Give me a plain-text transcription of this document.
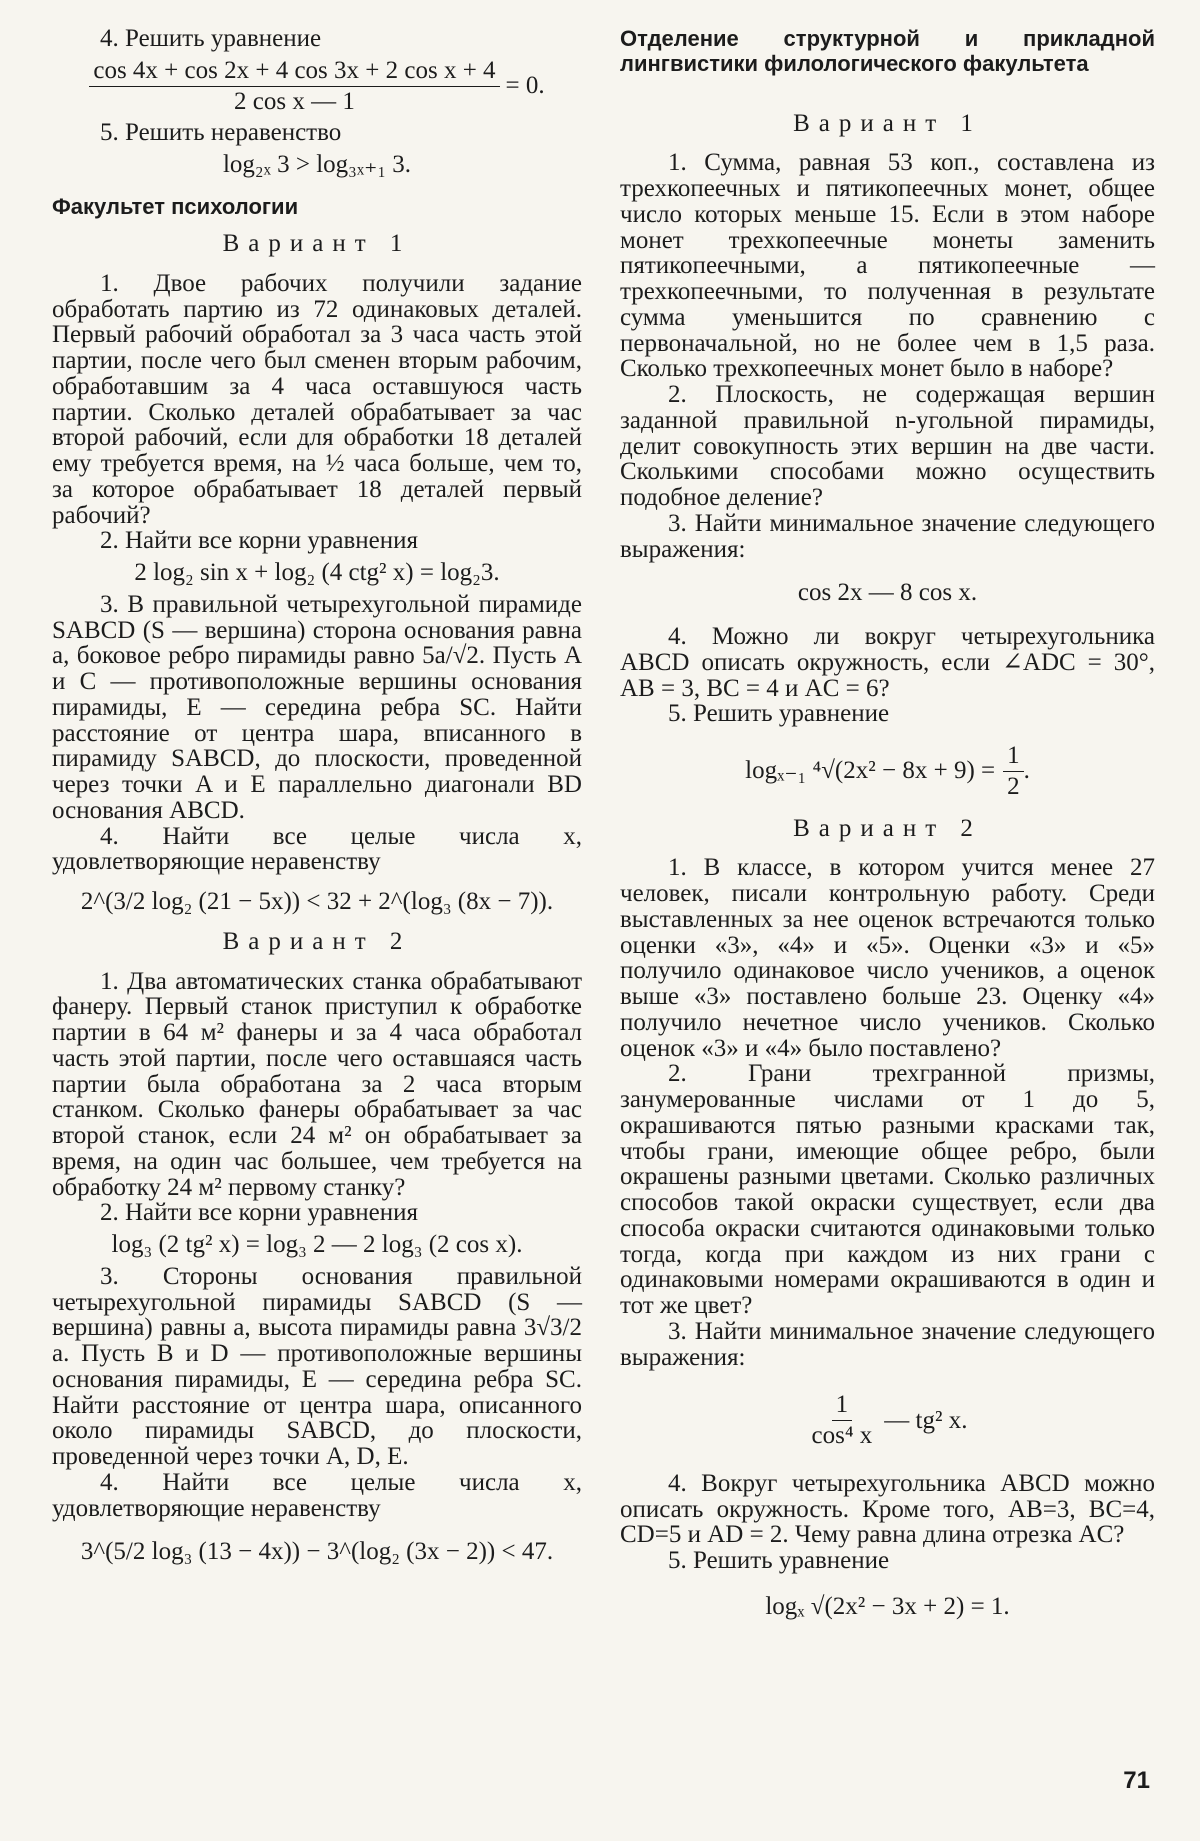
4. Решить уравнение

$\frac{\text{cos 4x + cos 2x + 4 cos 3x + 2 cos x + 4}}{\text{2 cos x — 1}} = 0$.

5. Решить неравенство

log₂ₓ 3 > log₃ₓ₊₁ 3.

Факультет психологии

Вариант 1

1. Двое рабочих получили задание обработать партию из 72 одинаковых деталей. Первый рабочий обработал за 3 часа часть этой партии, после чего был сменен вторым рабочим, обработавшим за 4 часа оставшуюся часть партии. Сколько деталей обрабатывает за час второй рабочий, если для обработки 18 деталей ему требуется время, на ½ часа больше, чем то, за которое обрабатывает 18 деталей первый рабочий?

2. Найти все корни уравнения

2 log₂ sin x + log₂ (4 ctg² x) = log₂3.

3. В правильной четырехугольной пирамиде SABCD (S — вершина) сторона основания равна a, боковое ребро пирамиды равно 5a/√2. Пусть A и C — противоположные вершины основания пирамиды, E — середина ребра SC. Найти расстояние от центра шара, вписанного в пирамиду SABCD, до плоскости, проведенной через точки A и E параллельно диагонали BD основания ABCD.

4. Найти все целые числа x, удовлетворяющие неравенству

2^(3/2 log₂ (21 − 5x)) < 32 + 2^(log₃ (8x − 7)).
Вариант 2

1. Два автоматических станка обрабатывают фанеру. Первый станок приступил к обработке партии в 64 м² фанеры и за 4 часа обработал часть этой партии, после чего оставшаяся часть партии была обработана за 2 часа вторым станком. Сколько фанеры обрабатывает за час второй станок, если 24 м² он обрабатывает за время, на один час большее, чем требуется на обработку 24 м² первому станку?

2. Найти все корни уравнения

log₃ (2 tg² x) = log₃ 2 — 2 log₃ (2 cos x).

3. Стороны основания правильной четырехугольной пирамиды SABCD (S — вершина) равны a, высота пирамиды равна 3√3/2 a. Пусть B и D — противоположные вершины основания пирамиды, E — середина ребра SC. Найти расстояние от центра шара, описанного около пирамиды SABCD, до плоскости, проведенной через точки A, D, E.

4. Найти все целые числа x, удовлетворяющие неравенству

3^(5/2 log₃ (13 − 4x)) − 3^(log₂ (3x − 2)) < 47.

Отделение структурной и прикладной лингвистики филологического факультета

Вариант 1

1. Сумма, равная 53 коп., составлена из трехкопеечных и пятикопеечных монет, общее число которых меньше 15. Если в этом наборе монет трехкопеечные монеты заменить пятикопеечными, а пятикопеечные — трехкопеечными, то полученная в результате сумма уменьшится по сравнению с первоначальной, но не более чем в 1,5 раза. Сколько трехкопеечных монет было в наборе?

2. Плоскость, не содержащая вершин заданной правильной n-угольной пирамиды, делит совокупность этих вершин на две части. Сколькими способами можно осуществить подобное деление?

3. Найти минимальное значение следующего выражения:

cos 2x — 8 cos x.

4. Можно ли вокруг четырехугольника ABCD описать окружность, если ∠ADC = 30°, AB = 3, BC = 4 и AC = 6?

5. Решить уравнение

logₓ₋₁ $^4√(2x^2 - 8x + 9) = \frac{1}{2}$ .
Вариант 2

1. В классе, в котором учится менее 27 человек, писали контрольную работу. Среди выставленных за нее оценок встречаются только оценки «3», «4» и «5». Оценки «3» и «5» получило одинаковое число учеников, а оценок выше «3» поставлено больше 23. Оценку «4» получило нечетное число учеников. Сколько оценок «3» и «4» было поставлено?

2. Грани трехгранной призмы, занумерованные числами от 1 до 5, окрашиваются пятью разными красками так, чтобы грани, имеющие общее ребро, были окрашены разными цветами. Сколько различных способов такой окраски существует, если два способа окраски считаются одинаковыми только тогда, когда при каждом из них грани с одинаковыми номерами окрашиваются в один и тот же цвет?

3. Найти минимальное значение следующего выражения:

$\frac{1}{\text{cos⁴ x}}$ — tg² x.

4. Вокруг четырехугольника ABCD можно описать окружность. Кроме того, AB=3, BC=4, CD=5 и AD = 2. Чему равна длина отрезка AC?

5. Решить уравнение

logₓ √(2x² − 3x + 2) = 1.
71
